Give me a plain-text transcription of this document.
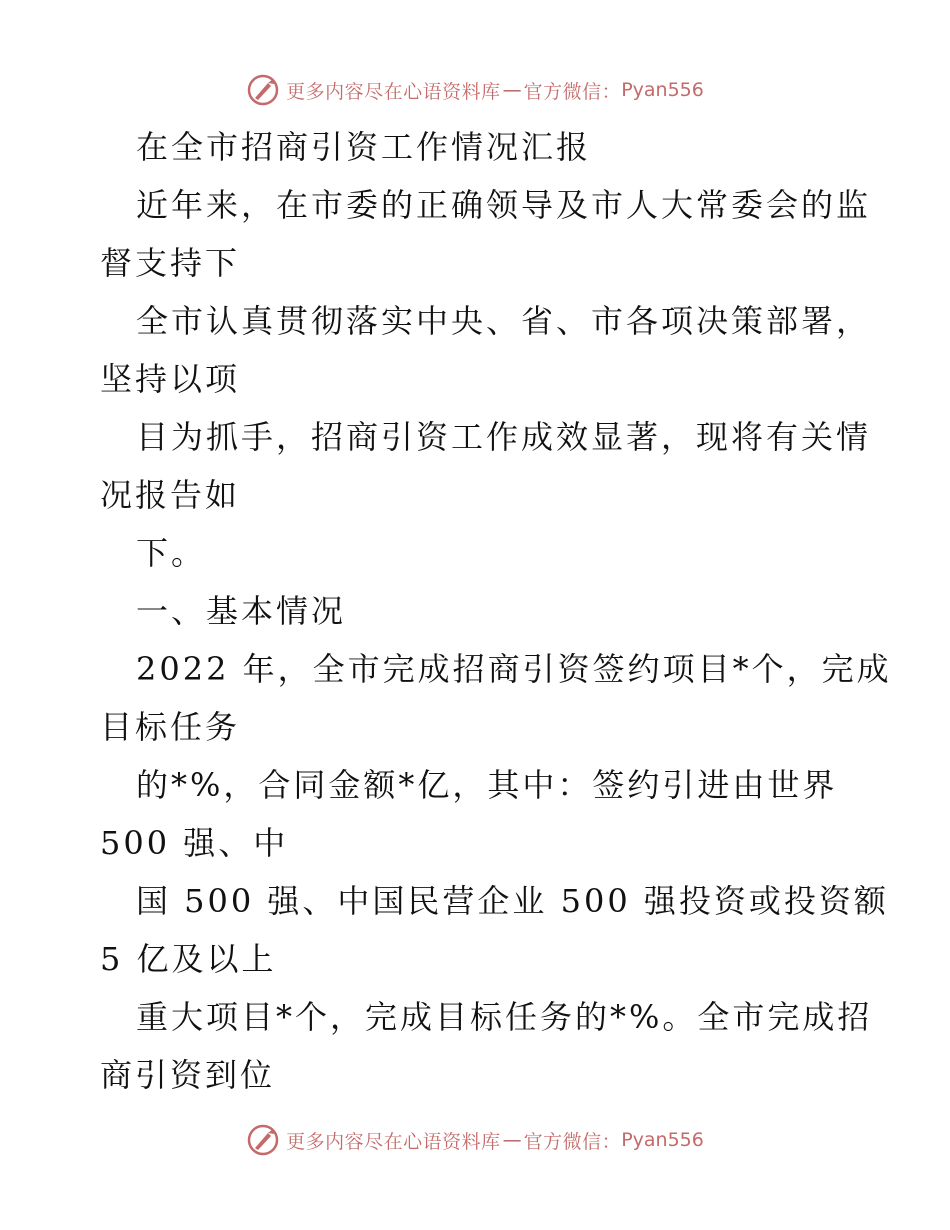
更多内容尽在心语资料库 — 官方微信： Pyan556
在全市招商引资工作情况汇报
近年来，在市委的正确领导及市人大常委会的监
督支持下
全市认真贯彻落实中央、省、市各项决策部署，
坚持以项
目为抓手，招商引资工作成效显著，现将有关情
况报告如
下。
一、基本情况
2022 年，全市完成招商引资签约项目*个，完成
目标任务
的*%，合同金额*亿，其中：签约引进由世界
500 强、中
国 500 强、中国民营企业 500 强投资或投资额
5 亿及以上
重大项目*个，完成目标任务的*%。全市完成招
商引资到位
更多内容尽在心语资料库 — 官方微信： Pyan556
